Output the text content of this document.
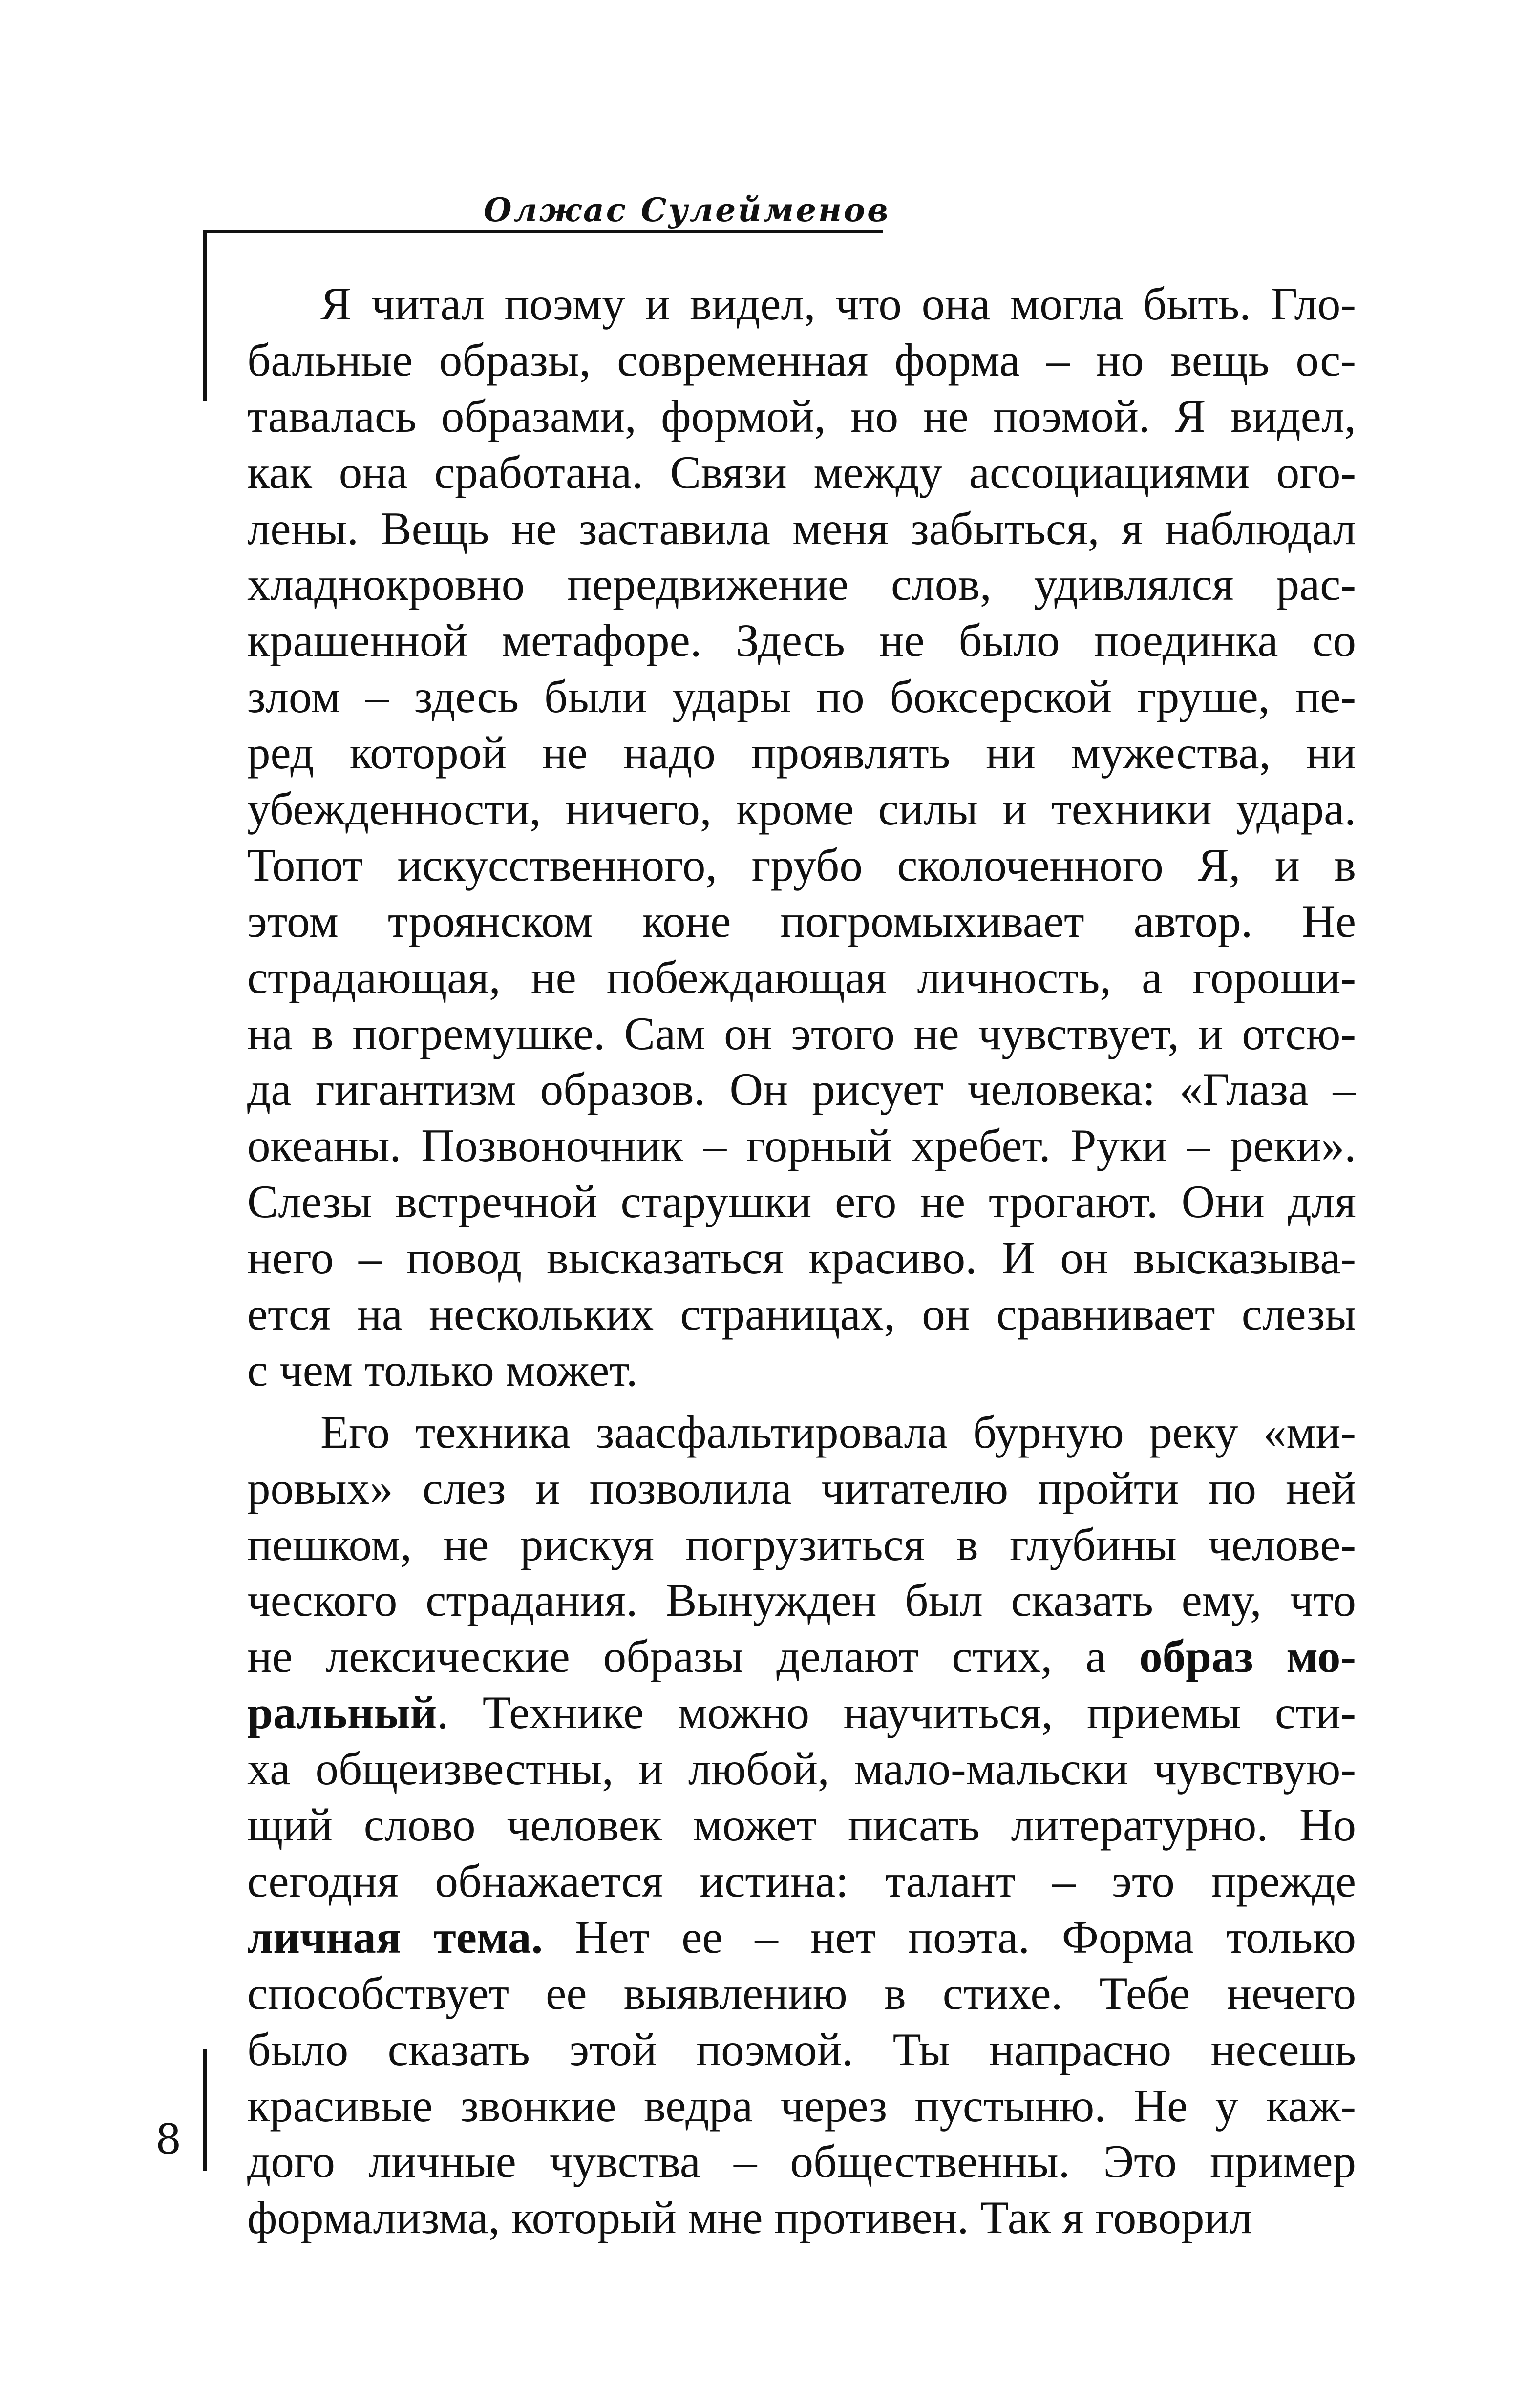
Олжас Сулейменов
8
Я читал поэму и видел, что она могла быть. Гло-
бальные образы, современная форма – но вещь ос-
тавалась образами, формой, но не поэмой. Я видел,
как она сработана. Связи между ассоциациями ого-
лены. Вещь не заставила меня забыться, я наблюдал
хладнокровно передвижение слов, удивлялся рас-
крашенной метафоре. Здесь не было поединка со
злом – здесь были удары по боксерской груше, пе-
ред которой не надо проявлять ни мужества, ни
убежденности, ничего, кроме силы и техники удара.
Топот искусственного, грубо сколоченного Я, и в
этом троянском коне погромыхивает автор. Не
страдающая, не побеждающая личность, а гороши-
на в погремушке. Сам он этого не чувствует, и отсю-
да гигантизм образов. Он рисует человека: «Глаза –
океаны. Позвоночник – горный хребет. Руки – реки».
Слезы встречной старушки его не трогают. Они для
него – повод высказаться красиво. И он высказыва-
ется на нескольких страницах, он сравнивает слезы
с чем только может.
Его техника заасфальтировала бурную реку «ми-
ровых» слез и позволила читателю пройти по ней
пешком, не рискуя погрузиться в глубины челове-
ческого страдания. Вынужден был сказать ему, что
не лексические образы делают стих, а образ мо-
ральный. Технике можно научиться, приемы сти-
ха общеизвестны, и любой, мало-мальски чувствую-
щий слово человек может писать литературно. Но
сегодня обнажается истина: талант – это прежде
личная тема. Нет ее – нет поэта. Форма только
способствует ее выявлению в стихе. Тебе нечего
было сказать этой поэмой. Ты напрасно несешь
красивые звонкие ведра через пустыню. Не у каж-
дого личные чувства – общественны. Это пример
формализма, который мне противен. Так я говорил
